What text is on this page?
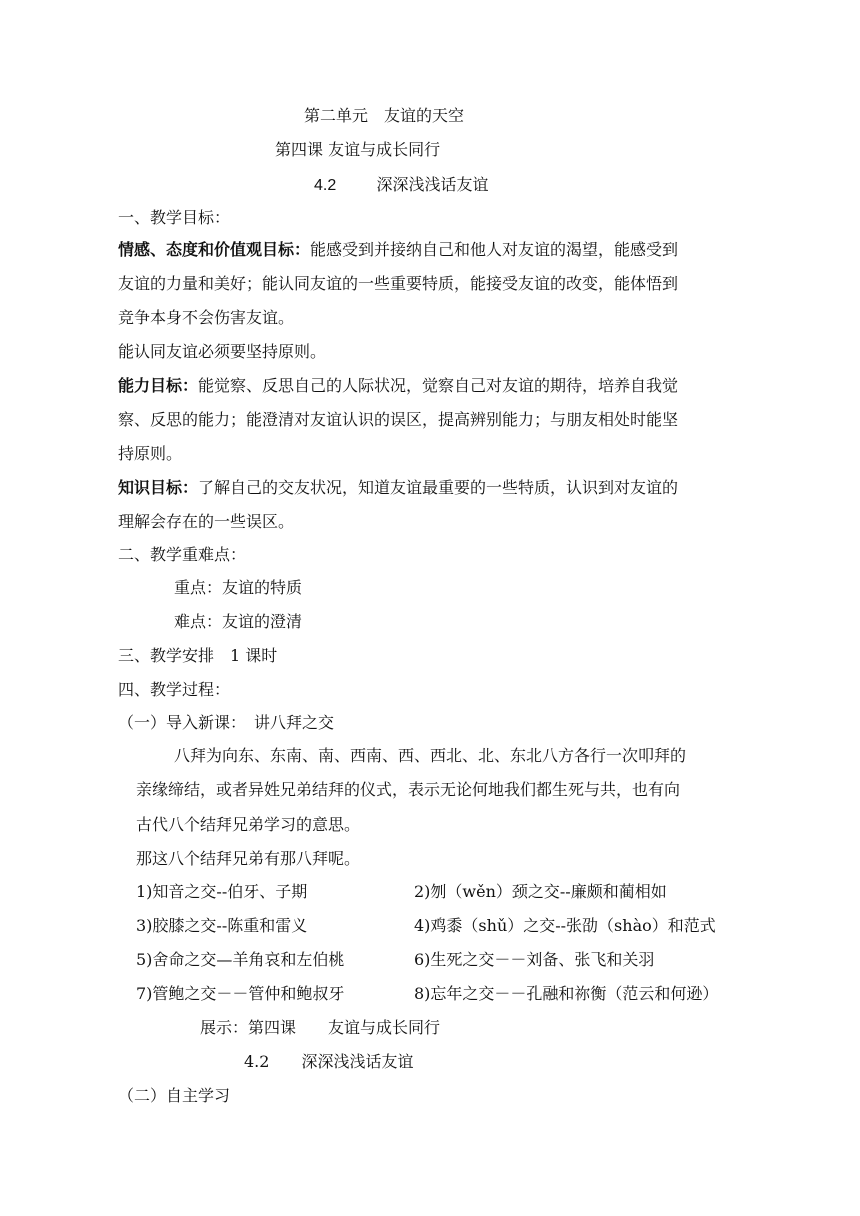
第二单元　友谊的天空
第四课 友谊与成长同行
4.2	深深浅浅话友谊
一、教学目标：
情感、态度和价值观目标：能感受到并接纳自己和他人对友谊的渴望，能感受到
友谊的力量和美好；能认同友谊的一些重要特质，能接受友谊的改变，能体悟到
竞争本身不会伤害友谊。
能认同友谊必须要坚持原则。
能力目标：能觉察、反思自己的人际状况，觉察自己对友谊的期待，培养自我觉
察、反思的能力；能澄清对友谊认识的误区，提高辨别能力；与朋友相处时能坚
持原则。
知识目标：了解自己的交友状况，知道友谊最重要的一些特质，认识到对友谊的
理解会存在的一些误区。
二、教学重难点：
重点：友谊的特质
难点：友谊的澄清
三、教学安排　1 课时
四、教学过程：
（一）导入新课：　讲八拜之交
八拜为向东、东南、南、西南、西、西北、北、东北八方各行一次叩拜的
亲缘缔结，或者异姓兄弟结拜的仪式，表示无论何地我们都生死与共，也有向
古代八个结拜兄弟学习的意思。
那这八个结拜兄弟有那八拜呢。
1)知音之交--伯牙、子期	2)刎（wěn）颈之交--廉颇和蔺相如
3)胶膝之交--陈重和雷义	4)鸡黍（shǔ）之交--张劭（shào）和范式
5)舍命之交—羊角哀和左伯桃	6)生死之交－－刘备、张飞和关羽
7)管鲍之交－－管仲和鲍叔牙	8)忘年之交－－孔融和祢衡（范云和何逊）
展示：第四课　　友谊与成长同行
4.2　　深深浅浅话友谊
（二）自主学习
